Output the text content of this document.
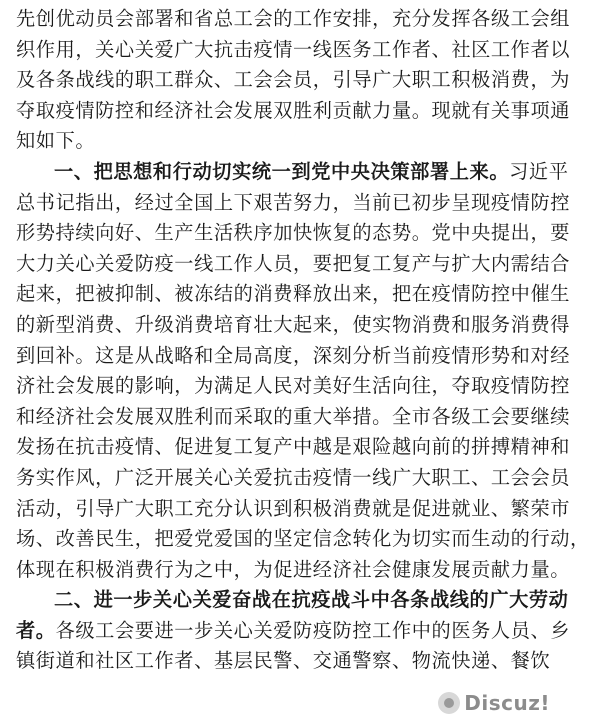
先创优动员会部署和省总工会的工作安排，充分发挥各级工会组
织作用，关心关爱广大抗击疫情一线医务工作者、社区工作者以
及各条战线的职工群众、工会会员，引导广大职工积极消费，为
夺取疫情防控和经济社会发展双胜利贡献力量。现就有关事项通
知如下。
一、把思想和行动切实统一到党中央决策部署上来。习近平
总书记指出，经过全国上下艰苦努力，当前已初步呈现疫情防控
形势持续向好、生产生活秩序加快恢复的态势。党中央提出，要
大力关心关爱防疫一线工作人员，要把复工复产与扩大内需结合
起来，把被抑制、被冻结的消费释放出来，把在疫情防控中催生
的新型消费、升级消费培育壮大起来，使实物消费和服务消费得
到回补。这是从战略和全局高度，深刻分析当前疫情形势和对经
济社会发展的影响，为满足人民对美好生活向往，夺取疫情防控
和经济社会发展双胜利而采取的重大举措。全市各级工会要继续
发扬在抗击疫情、促进复工复产中越是艰险越向前的拼搏精神和
务实作风，广泛开展关心关爱抗击疫情一线广大职工、工会会员
活动，引导广大职工充分认识到积极消费就是促进就业、繁荣市
场、改善民生，把爱党爱国的坚定信念转化为切实而生动的行动，
体现在积极消费行为之中，为促进经济社会健康发展贡献力量。
二、进一步关心关爱奋战在抗疫战斗中各条战线的广大劳动
者。各级工会要进一步关心关爱防疫防控工作中的医务人员、乡
镇街道和社区工作者、基层民警、交通警察、物流快递、餐饮
Discuz!
